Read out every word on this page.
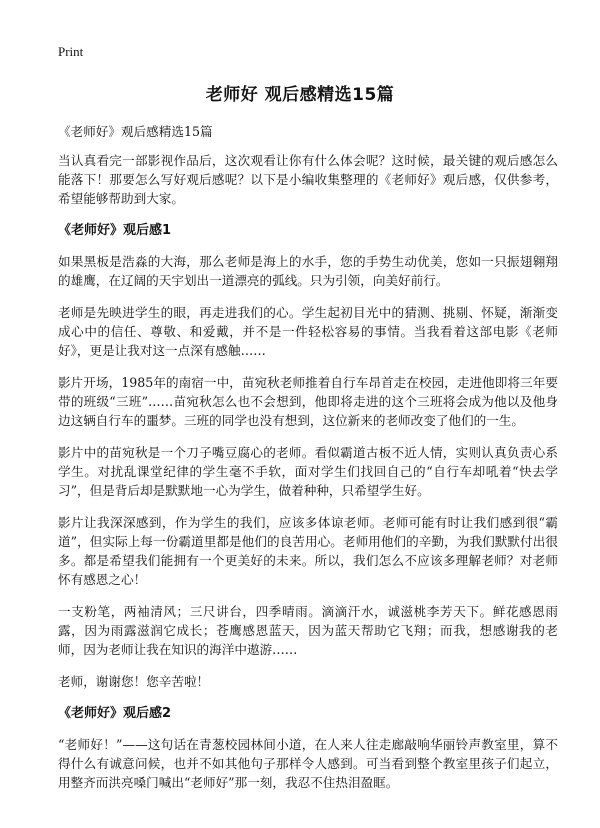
Print
老师好 观后感精选15篇

《老师好》观后感精选15篇

当认真看完一部影视作品后，这次观看让你有什么体会呢？这时候，最关键的观后感怎么能落下！那要怎么写好观后感呢？以下是小编收集整理的《老师好》观后感，仅供参考，希望能够帮助到大家。

《老师好》观后感1

如果黑板是浩淼的大海，那么老师是海上的水手，您的手势生动优美，您如一只振翅翱翔的雄鹰，在辽阔的天宇划出一道漂亮的弧线。只为引领，向美好前行。

老师是先映进学生的眼，再走进我们的心。学生起初目光中的猜测、挑剔、怀疑，渐渐变成心中的信任、尊敬、和爱戴，并不是一件轻松容易的事情。当我看着这部电影《老师好》，更是让我对这一点深有感触……

影片开场，1985年的南宿一中，苗宛秋老师推着自行车昂首走在校园，走进他即将三年要带的班级“三班”……苗宛秋怎么也不会想到，他即将走进的这个三班将会成为他以及他身边这辆自行车的噩梦。三班的同学也没有想到，这位新来的老师改变了他们的一生。

影片中的苗宛秋是一个刀子嘴豆腐心的老师。看似霸道古板不近人情，实则认真负责心系学生。对扰乱课堂纪律的学生毫不手软，面对学生们找回自己的“自行车却吼着“快去学习”，但是背后却是默默地一心为学生，做着种种，只希望学生好。

影片让我深深感到，作为学生的我们，应该多体谅老师。老师可能有时让我们感到很“霸道”，但实际上每一份霸道里都是他们的良苦用心。老师用他们的辛勤，为我们默默付出很多。都是希望我们能拥有一个更美好的未来。所以，我们怎么不应该多理解老师？对老师怀有感恩之心！

一支粉笔，两袖清风；三尺讲台，四季晴雨。滴滴汗水，诚滋桃李芳天下。鲜花感恩雨露，因为雨露滋润它成长；苍鹰感恩蓝天，因为蓝天帮助它飞翔；而我，想感谢我的老师，因为老师让我在知识的海洋中遨游……

老师，谢谢您！您辛苦啦！

《老师好》观后感2

“老师好！”——这句话在青葱校园林间小道，在人来人往走廊敲响华丽铃声教室里，算不得什么有诚意问候，也并不如其他句子那样令人感到。可当看到整个教室里孩子们起立，用整齐而洪亮嗓门喊出“老师好”那一刻，我忍不住热泪盈眶。
